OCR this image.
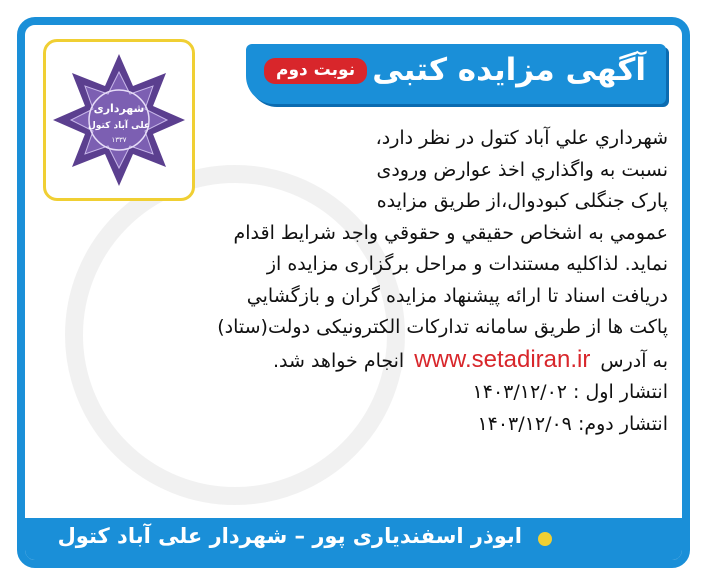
شهرداری
علی آباد کتول
۱۳۳۷
آگهی مزایده کتبی
نوبت دوم
شهرداري علي آباد کتول در نظر دارد،
نسبت به واگذاري اخذ عوارض ورودی
پارک جنگلی کبودوال،از طريق مزايده
عمومي به اشخاص حقيقي و حقوقي واجد شرايط اقدام
نمايد. لذاکلیه مستندات و مراحل برگزاری مزایده از
دريافت اسناد تا ارائه پيشنهاد مزايده گران و بازگشايي
پاکت ها از طريق سامانه تدارکات الکترونيکی دولت(ستاد)
به آدرس www.setadiran.ir انجام خواهد شد.
انتشار اول : ۱۴۰۳/۱۲/۰۲
انتشار دوم: ۱۴۰۳/۱۲/۰۹
ابوذر اسفندیاری پور – شهردار علی آباد کتول
